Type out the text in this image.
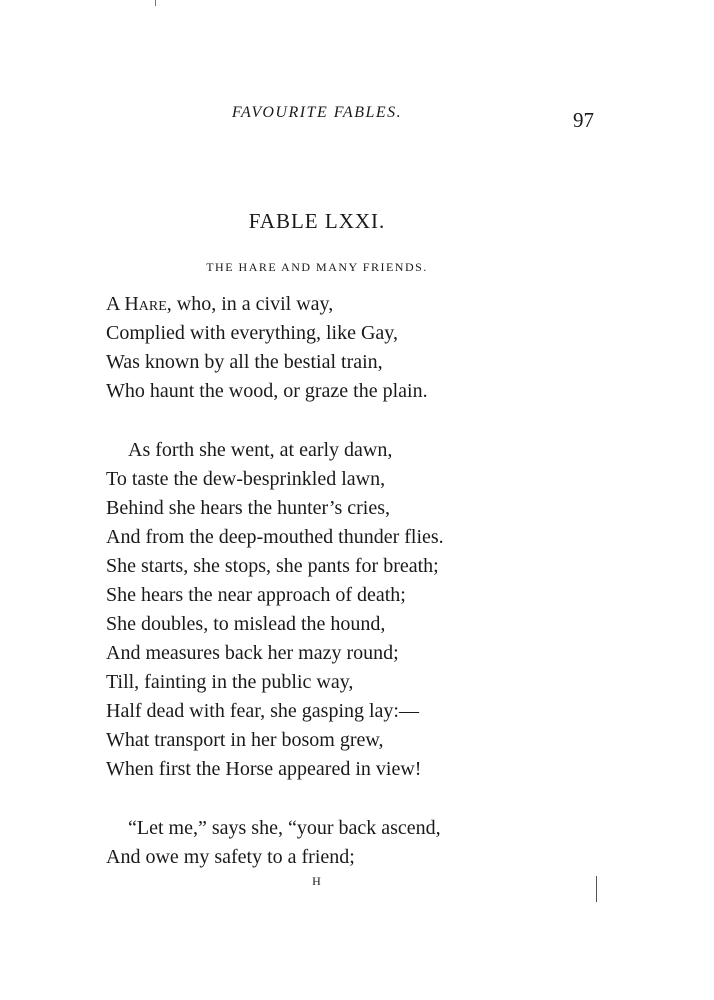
FAVOURITE FABLES.	97
FABLE LXXI.
THE HARE AND MANY FRIENDS.

A Hare, who, in a civil way,
Complied with everything, like Gay,
Was known by all the bestial train,
Who haunt the wood, or graze the plain.

As forth she went, at early dawn,
To taste the dew-besprinkled lawn,
Behind she hears the hunter’s cries,
And from the deep-mouthed thunder flies.
She starts, she stops, she pants for breath;
She hears the near approach of death;
She doubles, to mislead the hound,
And measures back her mazy round;
Till, fainting in the public way,
Half dead with fear, she gasping lay:—
What transport in her bosom grew,
When first the Horse appeared in view!

“Let me,” says she, “your back ascend,
And owe my safety to a friend;

H
